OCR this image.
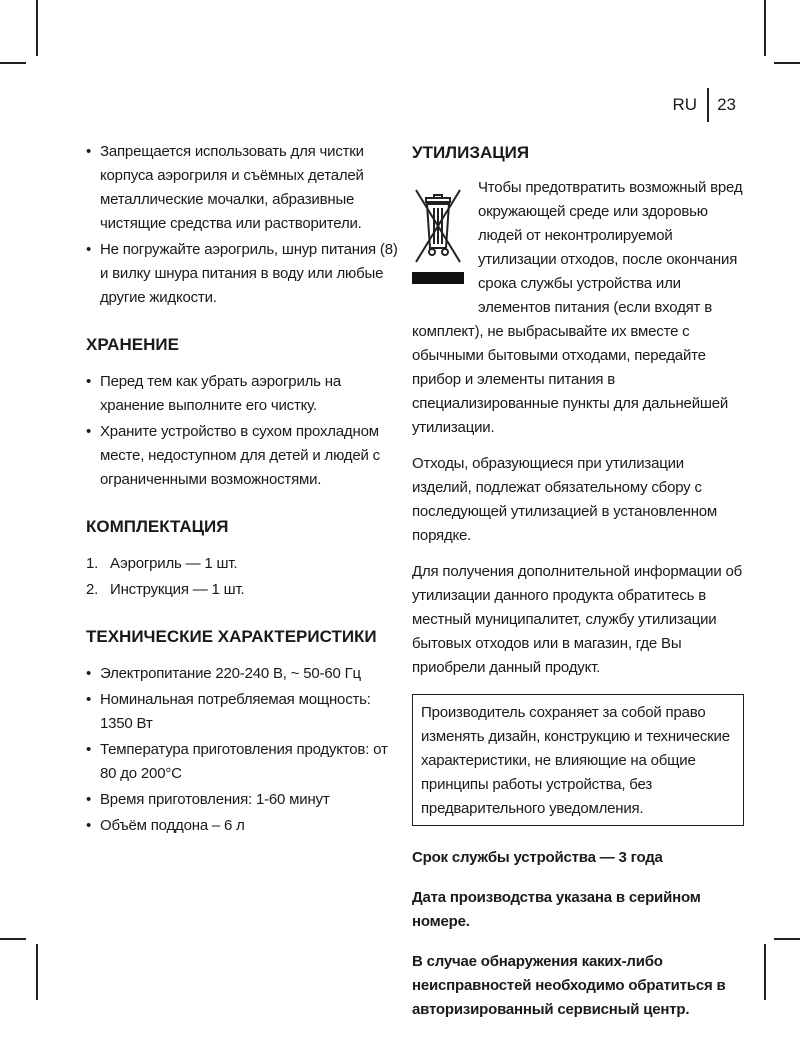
RU	23
• Запрещается использовать для чистки корпуса аэрогриля и съёмных деталей металлические мочалки, абразивные чистящие средства или растворители.
• Не погружайте аэрогриль, шнур питания (8) и вилку шнура питания в воду или любые другие жидкости.
ХРАНЕНИЕ
• Перед тем как убрать аэрогриль на хранение выполните его чистку.
• Храните устройство в сухом прохладном месте, недоступном для детей и людей с ограниченными возможностями.
КОМПЛЕКТАЦИЯ
1. Аэрогриль — 1 шт.
2. Инструкция — 1 шт.
ТЕХНИЧЕСКИЕ ХАРАКТЕРИСТИКИ
• Электропитание 220-240 В, ~ 50-60 Гц
• Номинальная потребляемая мощность: 1350 Вт
• Температура приготовления продуктов: от 80 до 200°С
• Время приготовления: 1-60 минут
• Объём поддона – 6 л
УТИЛИЗАЦИЯ

Чтобы предотвратить возможный вред окружающей среде или здоровью людей от неконтролируемой утилизации отходов, после окончания срока службы устройства или элементов питания (если входят в комплект), не выбрасывайте их вместе с обычными бытовыми отходами, передайте прибор и элементы питания в специализированные пункты для дальнейшей утилизации.

Отходы, образующиеся при утилизации изделий, подлежат обязательному сбору с последующей утилизацией в установленном порядке.

Для получения дополнительной информации об утилизации данного продукта обратитесь в местный муниципалитет, службу утилизации бытовых отходов или в магазин, где Вы приобрели данный продукт.

Производитель сохраняет за собой право изменять дизайн, конструкцию и технические характеристики, не влияющие на общие принципы работы устройства, без предварительного уведомления.

Срок службы устройства — 3 года

Дата производства указана в серийном номере.

В случае обнаружения каких-либо неисправностей необходимо обратиться в авторизированный сервисный центр.
